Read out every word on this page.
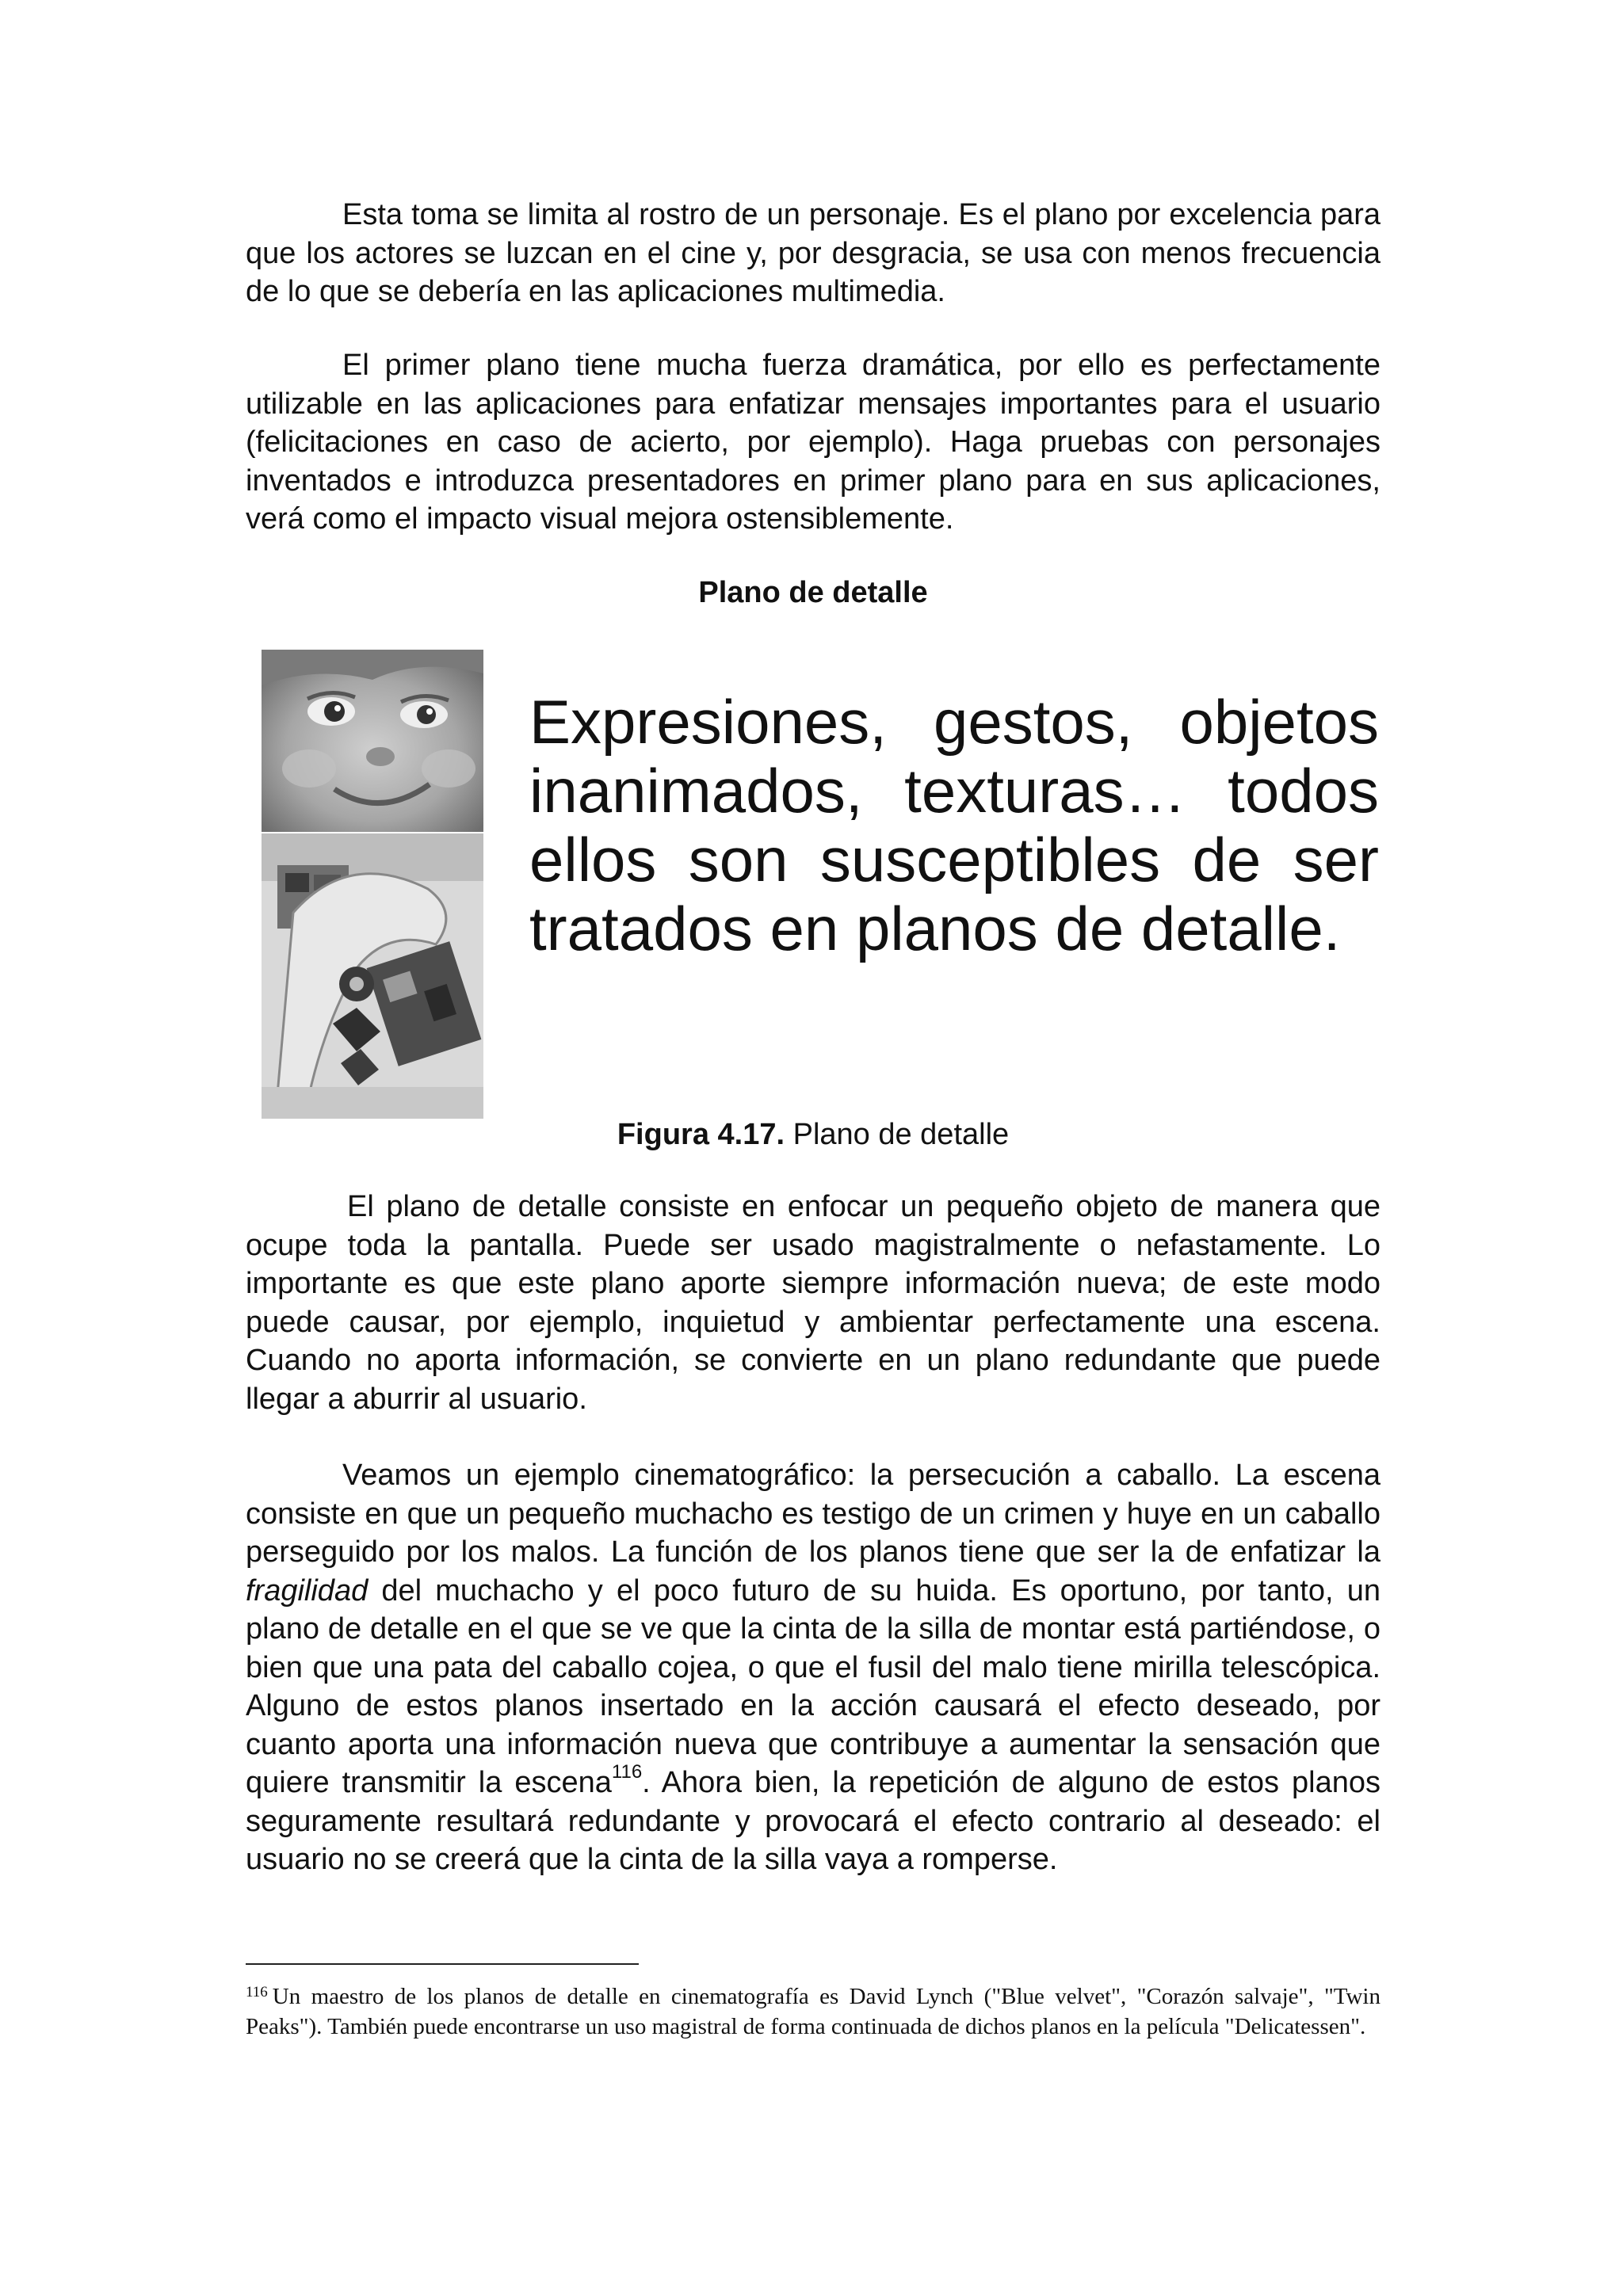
Esta toma se limita al rostro de un personaje. Es el plano por excelencia para que los actores se luzcan en el cine y, por desgracia, se usa con menos frecuencia de lo que se debería en las aplicaciones multimedia.

El primer plano tiene mucha fuerza dramática, por ello es perfectamente utilizable en las aplicaciones para enfatizar mensajes importantes para el usuario (felicitaciones en caso de acierto, por ejemplo). Haga pruebas con personajes inventados e introduzca presentadores en primer plano para en sus aplicaciones, verá como el impacto visual mejora ostensiblemente.

Plano de detalle

Expresiones, gestos, objetos inanimados, texturas… todos ellos son susceptibles de ser tratados en planos de detalle.

Figura 4.17. Plano de detalle

El plano de detalle consiste en enfocar un pequeño objeto de manera que ocupe toda la pantalla. Puede ser usado magistralmente o nefastamente. Lo importante es que este plano aporte siempre información nueva; de este modo puede causar, por ejemplo, inquietud y ambientar perfectamente una escena. Cuando no aporta información, se convierte en un plano redundante que puede llegar a aburrir al usuario.

Veamos un ejemplo cinematográfico: la persecución a caballo. La escena consiste en que un pequeño muchacho es testigo de un crimen y huye en un caballo perseguido por los malos. La función de los planos tiene que ser la de enfatizar la fragilidad del muchacho y el poco futuro de su huida. Es oportuno, por tanto, un plano de detalle en el que se ve que la cinta de la silla de montar está partiéndose, o bien que una pata del caballo cojea, o que el fusil del malo tiene mirilla telescópica. Alguno de estos planos insertado en la acción causará el efecto deseado, por cuanto aporta una información nueva que contribuye a aumentar la sensación que quiere transmitir la escena$^{116}$. Ahora bien, la repetición de alguno de estos planos seguramente resultará redundante y provocará el efecto contrario al deseado: el usuario no se creerá que la cinta de la silla vaya a romperse.

$^{116}$ Un maestro de los planos de detalle en cinematografía es David Lynch ("Blue velvet", "Corazón salvaje", "Twin Peaks"). También puede encontrarse un uso magistral de forma continuada de dichos planos en la película "Delicatessen".
